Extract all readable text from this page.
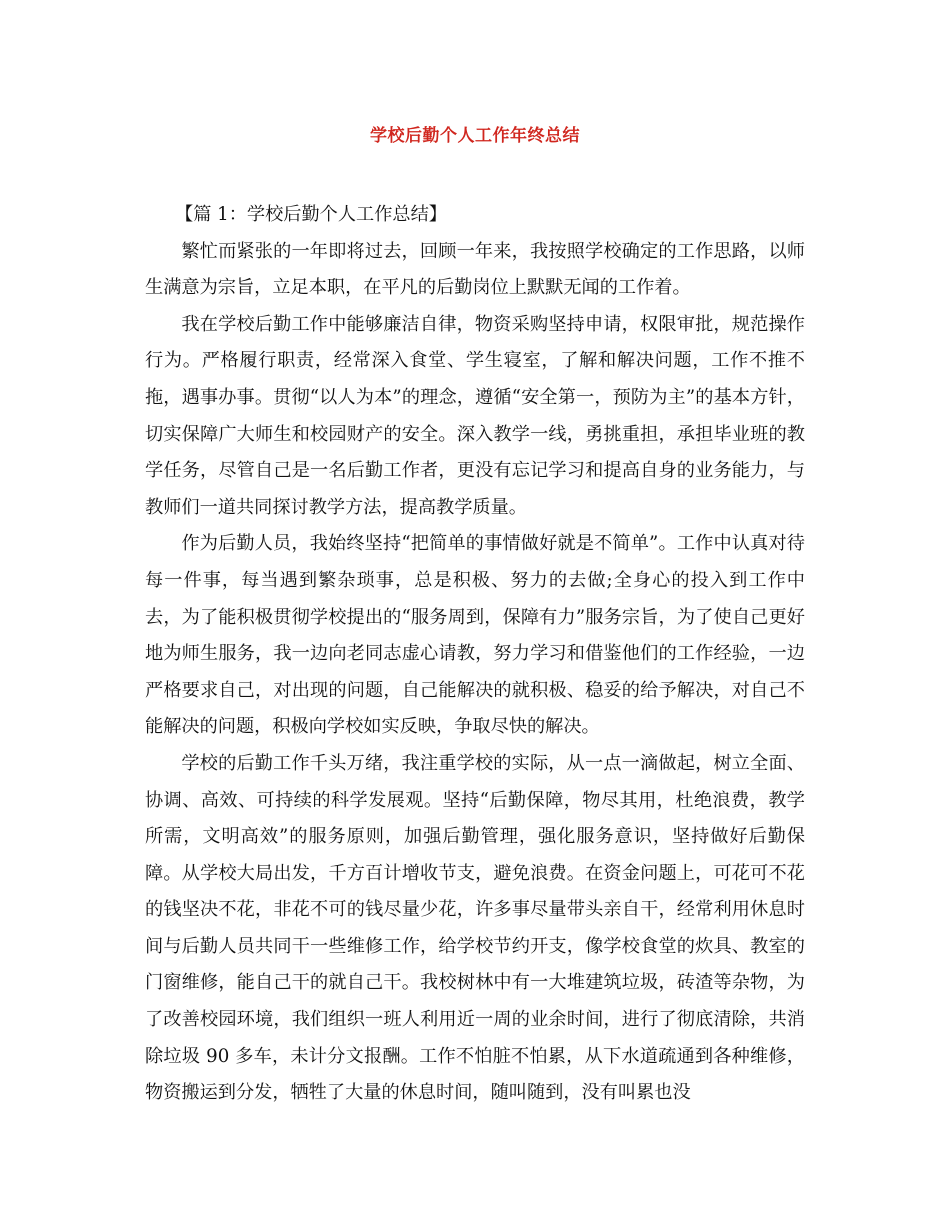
学校后勤个人工作年终总结

【篇 1：学校后勤个人工作总结】

繁忙而紧张的一年即将过去，回顾一年来，我按照学校确定的工作思路，以师生满意为宗旨，立足本职，在平凡的后勤岗位上默默无闻的工作着。

我在学校后勤工作中能够廉洁自律，物资采购坚持申请，权限审批，规范操作行为。严格履行职责，经常深入食堂、学生寝室，了解和解决问题，工作不推不拖，遇事办事。贯彻“以人为本”的理念，遵循“安全第一，预防为主”的基本方针，切实保障广大师生和校园财产的安全。深入教学一线，勇挑重担，承担毕业班的教学任务，尽管自己是一名后勤工作者，更没有忘记学习和提高自身的业务能力，与教师们一道共同探讨教学方法，提高教学质量。

作为后勤人员，我始终坚持“把简单的事情做好就是不简单”。工作中认真对待每一件事，每当遇到繁杂琐事，总是积极、努力的去做;全身心的投入到工作中去，为了能积极贯彻学校提出的“服务周到，保障有力”服务宗旨，为了使自己更好地为师生服务，我一边向老同志虚心请教，努力学习和借鉴他们的工作经验，一边严格要求自己，对出现的问题，自己能解决的就积极、稳妥的给予解决，对自己不能解决的问题，积极向学校如实反映，争取尽快的解决。

学校的后勤工作千头万绪，我注重学校的实际，从一点一滴做起，树立全面、协调、高效、可持续的科学发展观。坚持“后勤保障，物尽其用，杜绝浪费，教学所需，文明高效”的服务原则，加强后勤管理，强化服务意识，坚持做好后勤保障。从学校大局出发，千方百计增收节支，避免浪费。在资金问题上，可花可不花的钱坚决不花，非花不可的钱尽量少花，许多事尽量带头亲自干，经常利用休息时间与后勤人员共同干一些维修工作，给学校节约开支，像学校食堂的炊具、教室的门窗维修，能自己干的就自己干。我校树林中有一大堆建筑垃圾，砖渣等杂物，为了改善校园环境，我们组织一班人利用近一周的业余时间，进行了彻底清除，共消除垃圾 90 多车，未计分文报酬。工作不怕脏不怕累，从下水道疏通到各种维修，物资搬运到分发，牺牲了大量的休息时间，随叫随到，没有叫累也没
